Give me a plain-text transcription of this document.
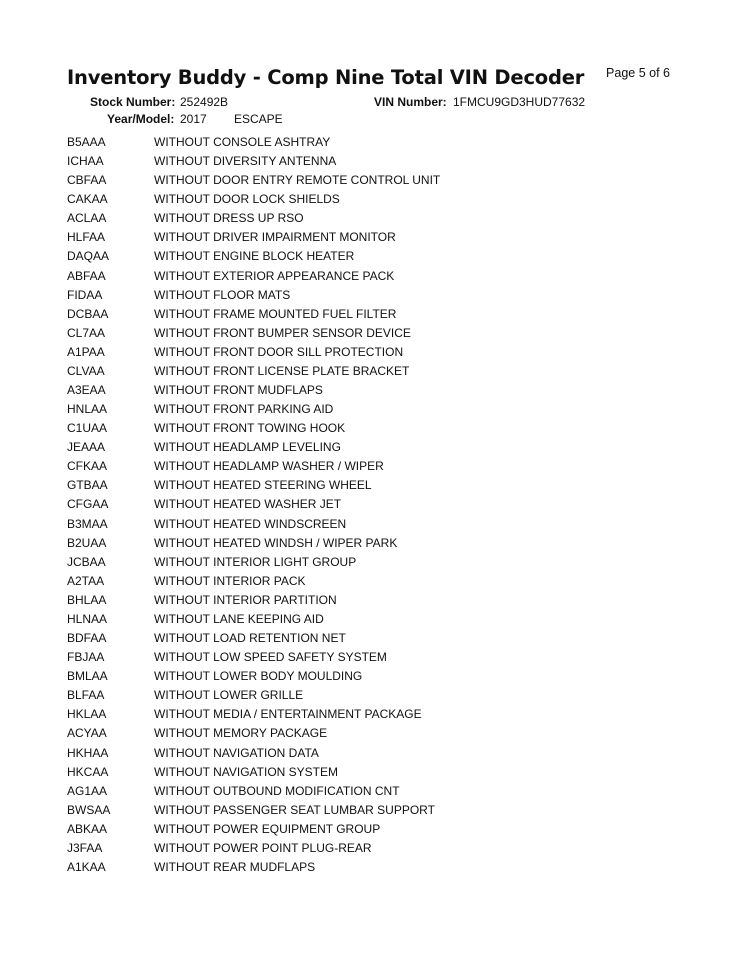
Inventory Buddy - Comp Nine Total VIN Decoder Page 5 of 6
Stock Number: 252492B
Year/Model: 2017 ESCAPE
VIN Number: 1FMCU9GD3HUD77632
B5AAA	WITHOUT CONSOLE ASHTRAY
ICHAA	WITHOUT DIVERSITY ANTENNA
CBFAA	WITHOUT DOOR ENTRY REMOTE CONTROL UNIT
CAKAA	WITHOUT DOOR LOCK SHIELDS
ACLAA	WITHOUT DRESS UP RSO
HLFAA	WITHOUT DRIVER IMPAIRMENT MONITOR
DAQAA	WITHOUT ENGINE BLOCK HEATER
ABFAA	WITHOUT EXTERIOR APPEARANCE PACK
FIDAA	WITHOUT FLOOR MATS
DCBAA	WITHOUT FRAME MOUNTED FUEL FILTER
CL7AA	WITHOUT FRONT BUMPER SENSOR DEVICE
A1PAA	WITHOUT FRONT DOOR SILL PROTECTION
CLVAA	WITHOUT FRONT LICENSE PLATE BRACKET
A3EAA	WITHOUT FRONT MUDFLAPS
HNLAA	WITHOUT FRONT PARKING AID
C1UAA	WITHOUT FRONT TOWING HOOK
JEAAA	WITHOUT HEADLAMP LEVELING
CFKAA	WITHOUT HEADLAMP WASHER / WIPER
GTBAA	WITHOUT HEATED STEERING WHEEL
CFGAA	WITHOUT HEATED WASHER JET
B3MAA	WITHOUT HEATED WINDSCREEN
B2UAA	WITHOUT HEATED WINDSH / WIPER PARK
JCBAA	WITHOUT INTERIOR LIGHT GROUP
A2TAA	WITHOUT INTERIOR PACK
BHLAA	WITHOUT INTERIOR PARTITION
HLNAA	WITHOUT LANE KEEPING AID
BDFAA	WITHOUT LOAD RETENTION NET
FBJAA	WITHOUT LOW SPEED SAFETY SYSTEM
BMLAA	WITHOUT LOWER BODY MOULDING
BLFAA	WITHOUT LOWER GRILLE
HKLAA	WITHOUT MEDIA / ENTERTAINMENT PACKAGE
ACYAA	WITHOUT MEMORY PACKAGE
HKHAA	WITHOUT NAVIGATION DATA
HKCAA	WITHOUT NAVIGATION SYSTEM
AG1AA	WITHOUT OUTBOUND MODIFICATION CNT
BWSAA	WITHOUT PASSENGER SEAT LUMBAR SUPPORT
ABKAA	WITHOUT POWER EQUIPMENT GROUP
J3FAA	WITHOUT POWER POINT PLUG-REAR
A1KAA	WITHOUT REAR MUDFLAPS
